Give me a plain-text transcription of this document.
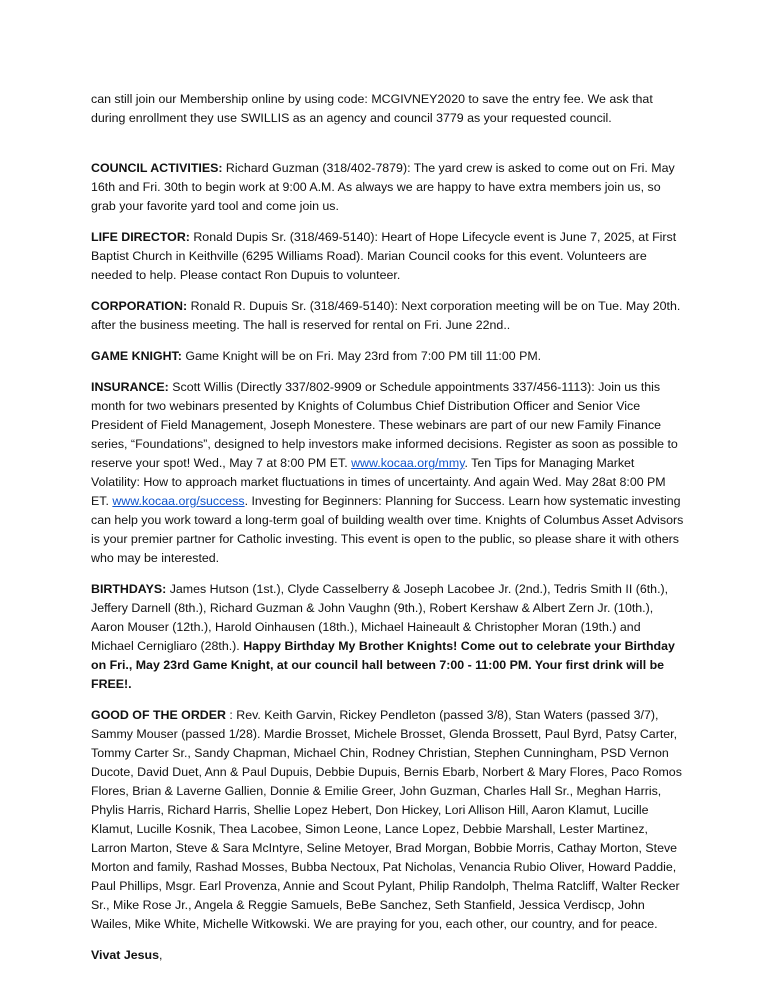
can still join our Membership online by using code: MCGIVNEY2020 to save the entry fee. We ask that during enrollment they use SWILLIS as an agency and council 3779 as your requested council.

COUNCIL ACTIVITIES: Richard Guzman (318/402-7879): The yard crew is asked to come out on Fri. May 16th and Fri. 30th to begin work at 9:00 A.M. As always we are happy to have extra members join us, so grab your favorite yard tool and come join us.

LIFE DIRECTOR: Ronald Dupis Sr. (318/469-5140): Heart of Hope Lifecycle event is June 7, 2025, at First Baptist Church in Keithville (6295 Williams Road). Marian Council cooks for this event. Volunteers are needed to help. Please contact Ron Dupuis to volunteer.

CORPORATION: Ronald R. Dupuis Sr. (318/469-5140): Next corporation meeting will be on Tue. May 20th. after the business meeting. The hall is reserved for rental on Fri. June 22nd..

GAME KNIGHT: Game Knight will be on Fri. May 23rd from 7:00 PM till 11:00 PM.

INSURANCE: Scott Willis (Directly 337/802-9909 or Schedule appointments 337/456-1113): Join us this month for two webinars presented by Knights of Columbus Chief Distribution Officer and Senior Vice President of Field Management, Joseph Monestere. These webinars are part of our new Family Finance series, “Foundations”, designed to help investors make informed decisions. Register as soon as possible to reserve your spot! Wed., May 7 at 8:00 PM ET. www.kocaa.org/mmy. Ten Tips for Managing Market Volatility: How to approach market fluctuations in times of uncertainty. And again Wed. May 28at 8:00 PM ET. www.kocaa.org/success. Investing for Beginners: Planning for Success. Learn how systematic investing can help you work toward a long-term goal of building wealth over time. Knights of Columbus Asset Advisors is your premier partner for Catholic investing. This event is open to the public, so please share it with others who may be interested.

BIRTHDAYS: James Hutson (1st.), Clyde Casselberry & Joseph Lacobee Jr. (2nd.), Tedris Smith II (6th.), Jeffery Darnell (8th.), Richard Guzman & John Vaughn (9th.), Robert Kershaw & Albert Zern Jr. (10th.), Aaron Mouser (12th.), Harold Oinhausen (18th.), Michael Haineault & Christopher Moran (19th.) and Michael Cernigliaro (28th.). Happy Birthday My Brother Knights! Come out to celebrate your Birthday on Fri., May 23rd Game Knight, at our council hall between 7:00 - 11:00 PM. Your first drink will be FREE!.

GOOD OF THE ORDER : Rev. Keith Garvin, Rickey Pendleton (passed 3/8), Stan Waters (passed 3/7), Sammy Mouser (passed 1/28). Mardie Brosset, Michele Brosset, Glenda Brossett, Paul Byrd, Patsy Carter, Tommy Carter Sr., Sandy Chapman, Michael Chin, Rodney Christian, Stephen Cunningham, PSD Vernon Ducote, David Duet, Ann & Paul Dupuis, Debbie Dupuis, Bernis Ebarb, Norbert & Mary Flores, Paco Romos Flores, Brian & Laverne Gallien, Donnie & Emilie Greer, John Guzman, Charles Hall Sr., Meghan Harris, Phylis Harris, Richard Harris, Shellie Lopez Hebert, Don Hickey, Lori Allison Hill, Aaron Klamut, Lucille Klamut, Lucille Kosnik, Thea Lacobee, Simon Leone, Lance Lopez, Debbie Marshall, Lester Martinez, Larron Marton, Steve & Sara McIntyre, Seline Metoyer, Brad Morgan, Bobbie Morris, Cathay Morton, Steve Morton and family, Rashad Mosses, Bubba Nectoux, Pat Nicholas, Venancia Rubio Oliver, Howard Paddie, Paul Phillips, Msgr. Earl Provenza, Annie and Scout Pylant, Philip Randolph, Thelma Ratcliff, Walter Recker Sr., Mike Rose Jr., Angela & Reggie Samuels, BeBe Sanchez, Seth Stanfield, Jessica Verdiscp, John Wailes, Mike White, Michelle Witkowski. We are praying for you, each other, our country, and for peace.

Vivat Jesus,
